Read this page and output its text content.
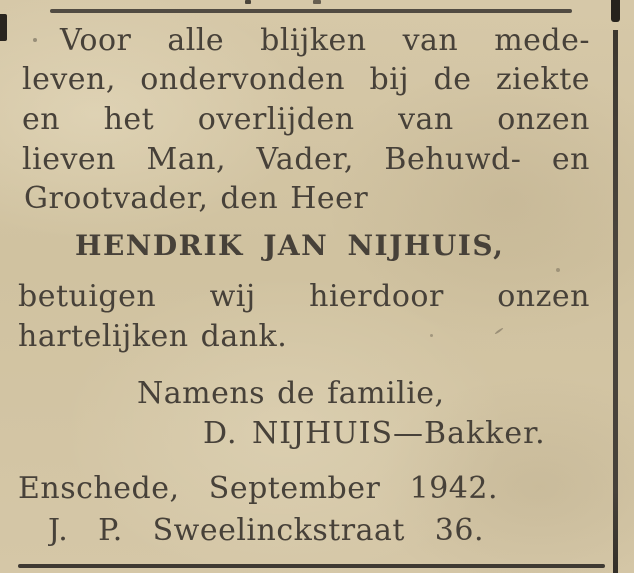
Voor alle blijken van mede-
leven, ondervonden bij de ziekte
en het overlijden van onzen
lieven Man, Vader, Behuwd- en
Grootvader, den Heer
HENDRIK JAN NIJHUIS,
betuigen wij hierdoor onzen
hartelijken dank.
Namens de familie,
D. NIJHUIS—Bakker.
Enschede, September 1942.
J. P. Sweelinckstraat 36.
